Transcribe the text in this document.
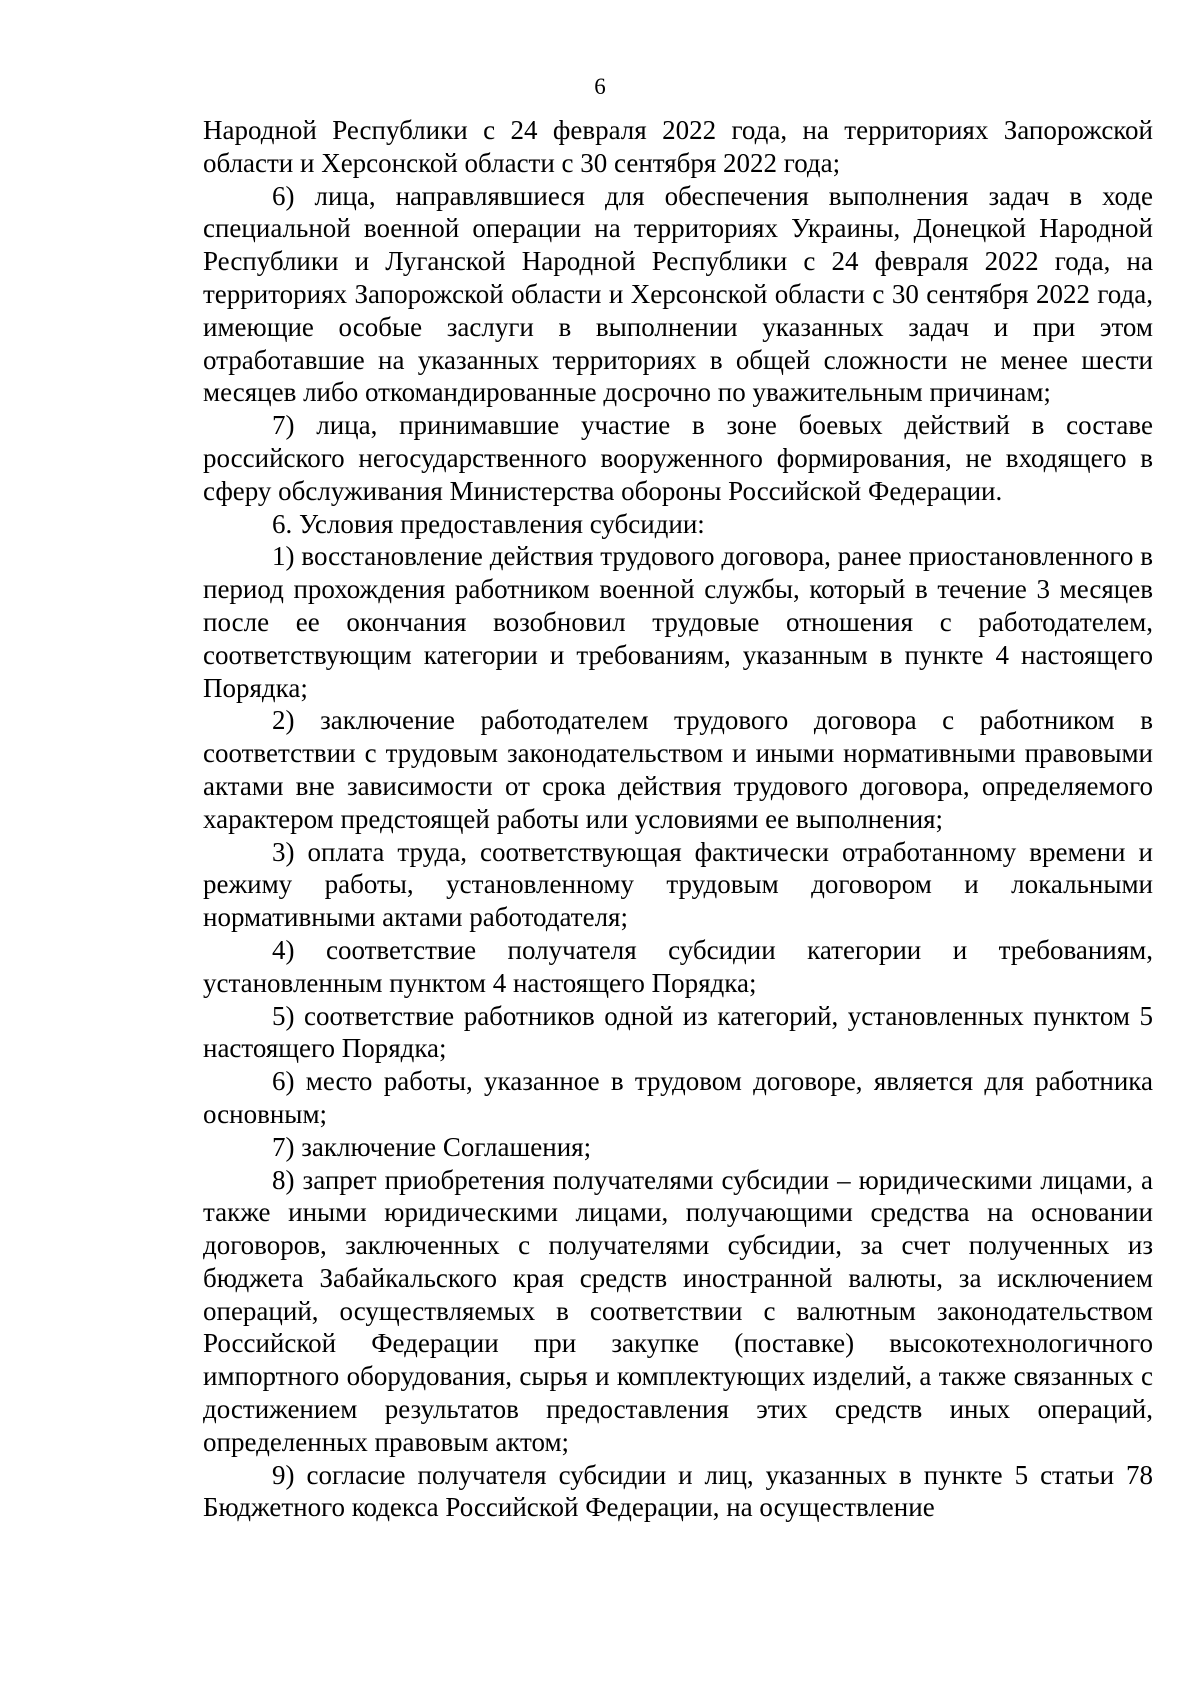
6

Народной Республики с 24 февраля 2022 года, на территориях Запорожской области и Херсонской области с 30 сентября 2022 года;

6) лица, направлявшиеся для обеспечения выполнения задач в ходе специальной военной операции на территориях Украины, Донецкой Народной Республики и Луганской Народной Республики с 24 февраля 2022 года, на территориях Запорожской области и Херсонской области с 30 сентября 2022 года, имеющие особые заслуги в выполнении указанных задач и при этом отработавшие на указанных территориях в общей сложности не менее шести месяцев либо откомандированные досрочно по уважительным причинам;

7) лица, принимавшие участие в зоне боевых действий в составе российского негосударственного вооруженного формирования, не входящего в сферу обслуживания Министерства обороны Российской Федерации.

6. Условия предоставления субсидии:

1) восстановление действия трудового договора, ранее приостановленного в период прохождения работником военной службы, который в течение 3 месяцев после ее окончания возобновил трудовые отношения с работодателем, соответствующим категории и требованиям, указанным в пункте 4 настоящего Порядка;

2) заключение работодателем трудового договора с работником в соответствии с трудовым законодательством и иными нормативными правовыми актами вне зависимости от срока действия трудового договора, определяемого характером предстоящей работы или условиями ее выполнения;

3) оплата труда, соответствующая фактически отработанному времени и режиму работы, установленному трудовым договором и локальными нормативными актами работодателя;

4) соответствие получателя субсидии категории и требованиям, установленным пунктом 4 настоящего Порядка;

5) соответствие работников одной из категорий, установленных пунктом 5 настоящего Порядка;

6) место работы, указанное в трудовом договоре, является для работника основным;

7) заключение Соглашения;

8) запрет приобретения получателями субсидии – юридическими лицами, а также иными юридическими лицами, получающими средства на основании договоров, заключенных с получателями субсидии, за счет полученных из бюджета Забайкальского края средств иностранной валюты, за исключением операций, осуществляемых в соответствии с валютным законодательством Российской Федерации при закупке (поставке) высокотехнологичного импортного оборудования, сырья и комплектующих изделий, а также связанных с достижением результатов предоставления этих средств иных операций, определенных правовым актом;

9) согласие получателя субсидии и лиц, указанных в пункте 5 статьи 78 Бюджетного кодекса Российской Федерации, на осуществление
